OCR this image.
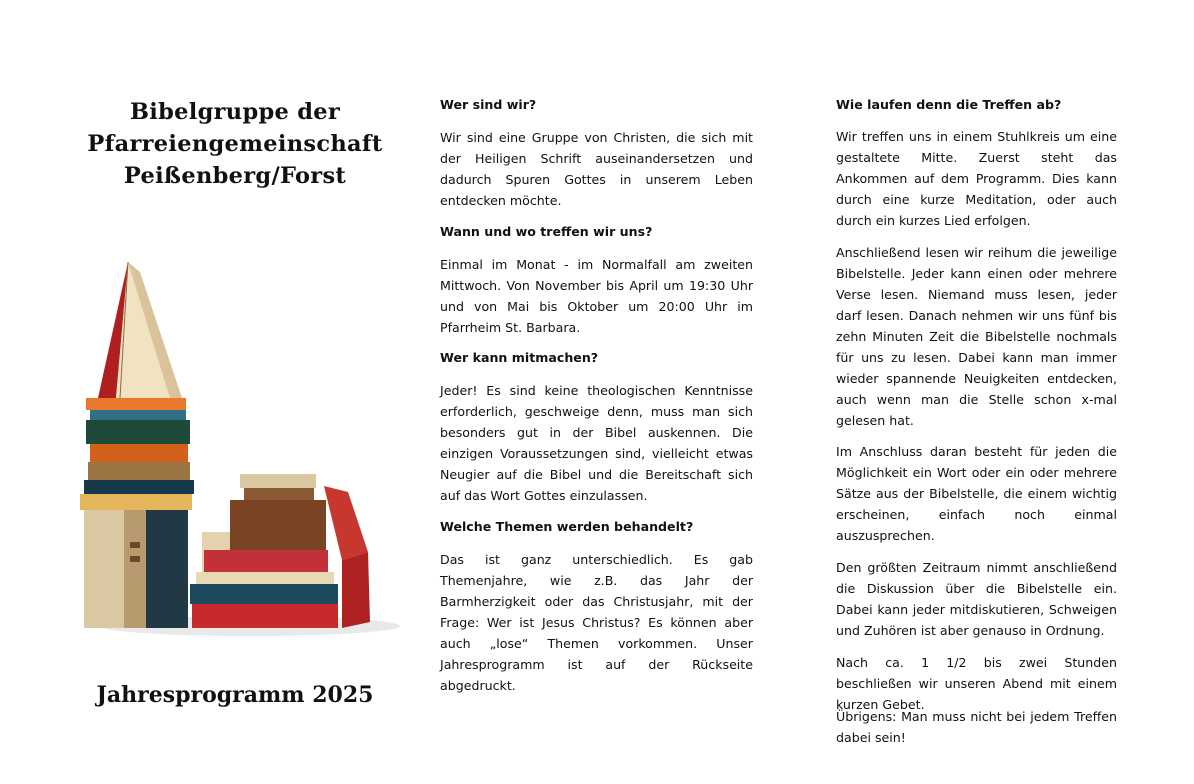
Bibelgruppe der
Pfarreiengemeinschaft
Peißenberg/Forst
Jahresprogramm 2025
Wer sind wir?

Wir sind eine Gruppe von Christen, die sich mit der Heiligen Schrift auseinandersetzen und dadurch Spuren Gottes in unserem Leben entdecken möchte.

Wann und wo treffen wir uns?

Einmal im Monat - im Normalfall am zweiten Mittwoch. Von November bis April um 19:30 Uhr und von Mai bis Oktober um 20:00 Uhr im Pfarrheim St. Barbara.

Wer kann mitmachen?

Jeder! Es sind keine theologischen Kenntnisse erforderlich, geschweige denn, muss man sich besonders gut in der Bibel auskennen. Die einzigen Voraussetzungen sind, vielleicht etwas Neugier auf die Bibel und die Bereitschaft sich auf das Wort Gottes einzulassen.

Welche Themen werden behandelt?

Das ist ganz unterschiedlich. Es gab Themenjahre, wie z.B. das Jahr der Barmherzigkeit oder das Christusjahr, mit der Frage: Wer ist Jesus Christus? Es können aber auch „lose“ Themen vorkommen. Unser Jahresprogramm ist auf der Rückseite abgedruckt.

Wie laufen denn die Treffen ab?

Wir treffen uns in einem Stuhlkreis um eine gestaltete Mitte. Zuerst steht das Ankommen auf dem Programm. Dies kann durch eine kurze Meditation, oder auch durch ein kurzes Lied erfolgen.

Anschließend lesen wir reihum die jeweilige Bibelstelle. Jeder kann einen oder mehrere Verse lesen. Niemand muss lesen, jeder darf lesen. Danach nehmen wir uns fünf bis zehn Minuten Zeit die Bibelstelle nochmals für uns zu lesen. Dabei kann man immer wieder spannende Neuigkeiten entdecken, auch wenn man die Stelle schon x-mal gelesen hat.

Im Anschluss daran besteht für jeden die Möglichkeit ein Wort oder ein oder mehrere Sätze aus der Bibelstelle, die einem wichtig erscheinen, einfach noch einmal auszusprechen.

Den größten Zeitraum nimmt anschließend die Diskussion über die Bibelstelle ein. Dabei kann jeder mitdiskutieren, Schweigen und Zuhören ist aber genauso in Ordnung.

Nach ca. 1 1/2 bis zwei Stunden beschließen wir unseren Abend mit einem kurzen Gebet.

Übrigens: Man muss nicht bei jedem Treffen dabei sein!
